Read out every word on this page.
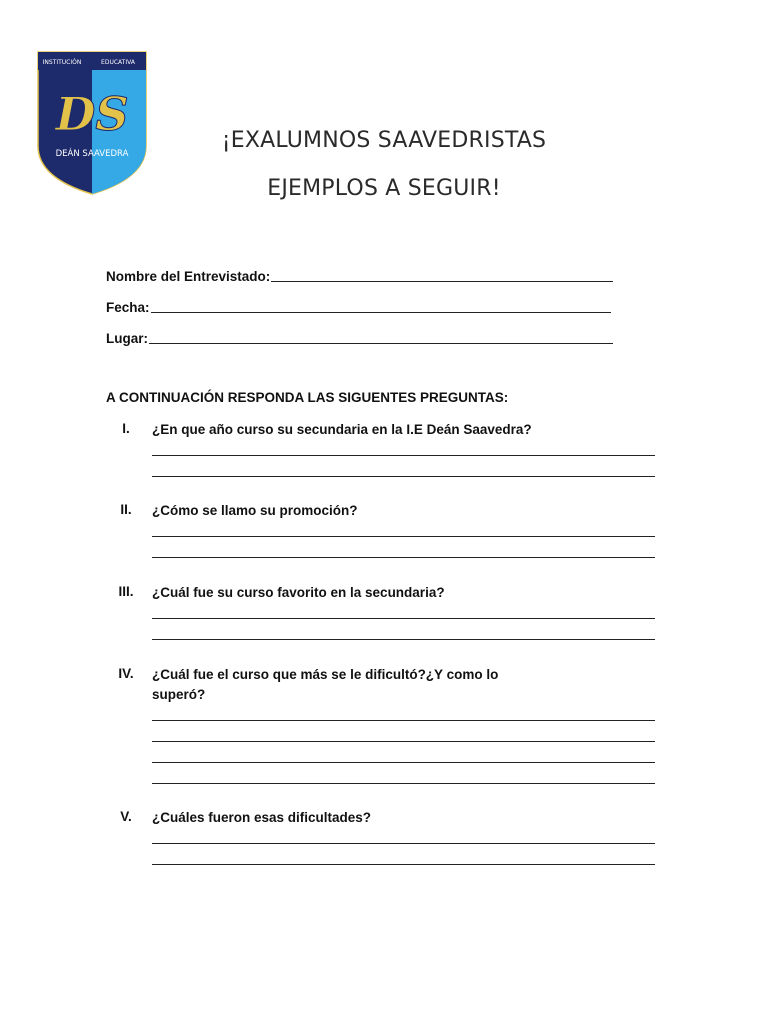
INSTITUCIÓN	EDUCATIVA
DS
DEÁN SAAVEDRA
¡EXALUMNOS SAAVEDRISTAS
EJEMPLOS A SEGUIR!
Nombre del Entrevistado:
Fecha:
Lugar:
A CONTINUACIÓN RESPONDA LAS SIGUENTES PREGUNTAS:
I.	¿En que año curso su secundaria en la I.E Deán Saavedra?
II.	¿Cómo se llamo su promoción?
III.	¿Cuál fue su curso favorito en la secundaria?
IV.	¿Cuál fue el curso que más se le dificultó?¿Y como lo
superó?
V.	¿Cuáles fueron esas dificultades?
